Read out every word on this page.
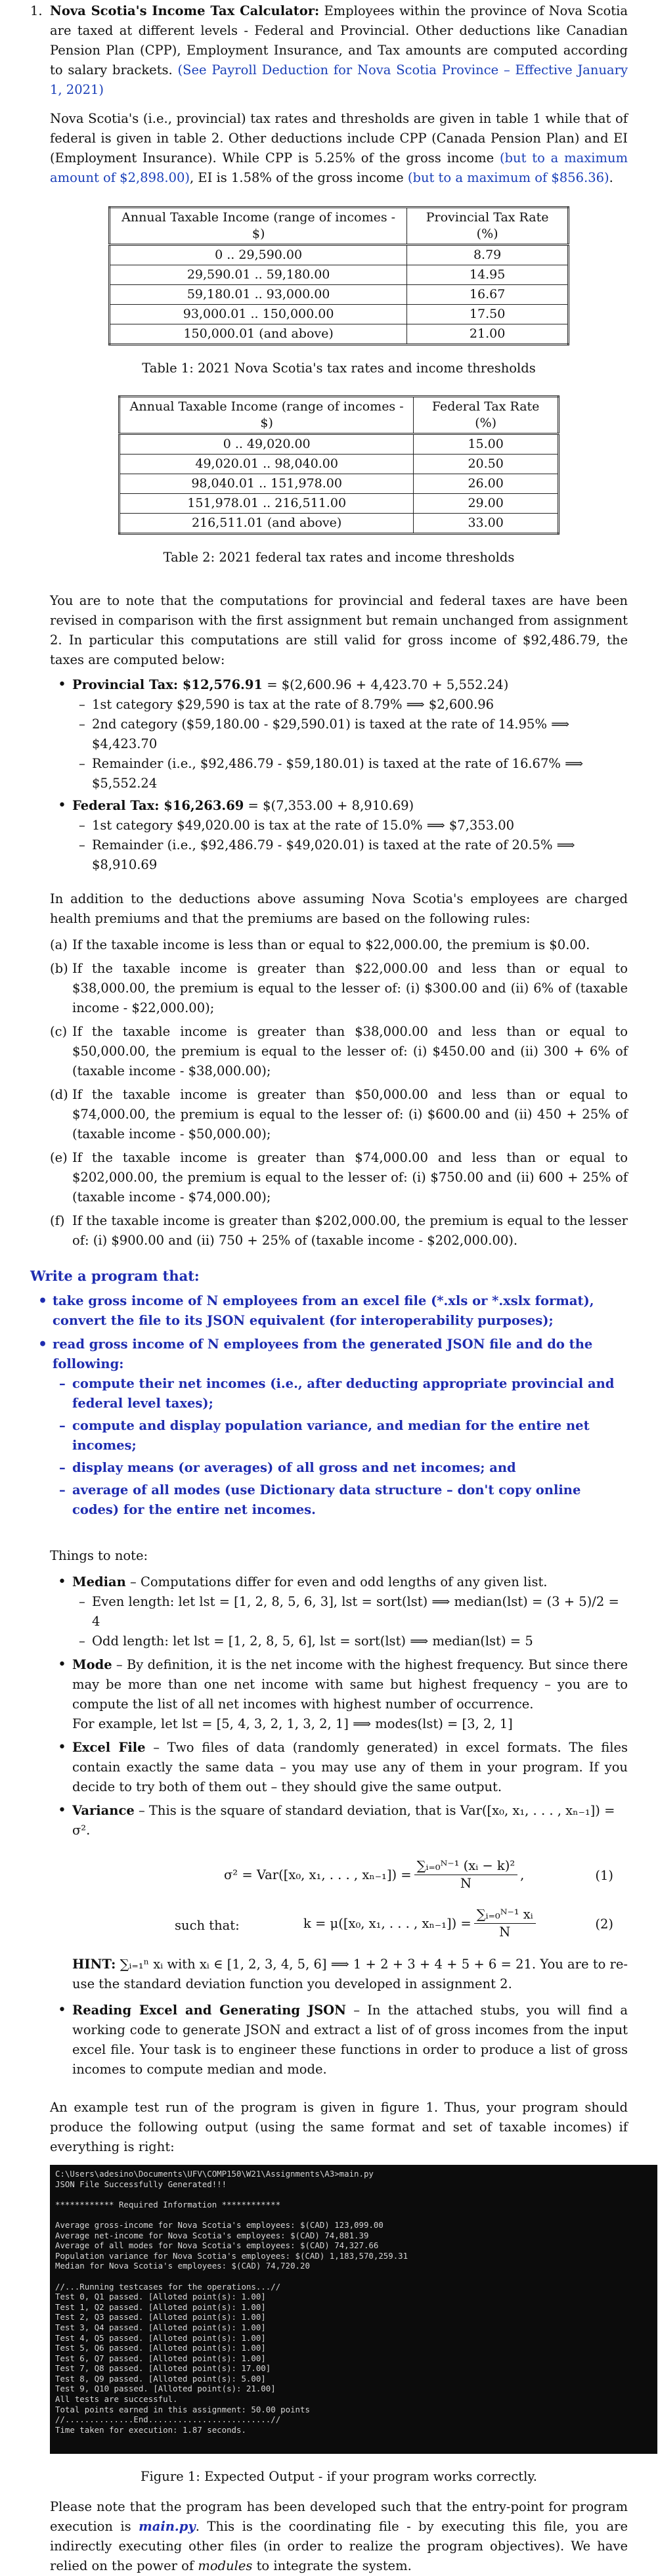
1. Nova Scotia's Income Tax Calculator: Employees within the province of Nova Scotia are taxed at different levels - Federal and Provincial. Other deductions like Canadian Pension Plan (CPP), Employment Insurance, and Tax amounts are computed according to salary brackets. (See Payroll Deduction for Nova Scotia Province – Effective January 1, 2021)

Nova Scotia's (i.e., provincial) tax rates and thresholds are given in table 1 while that of federal is given in table 2. Other deductions include CPP (Canada Pension Plan) and EI (Employment Insurance). While CPP is 5.25% of the gross income (but to a maximum amount of $2,898.00), EI is 1.58% of the gross income (but to a maximum of $856.36).

Annual Taxable Income (range of incomes - $)	Provincial Tax Rate (%)
0 .. 29,590.00	8.79
29,590.01 .. 59,180.00	14.95
59,180.01 .. 93,000.00	16.67
93,000.01 .. 150,000.00	17.50
150,000.01 (and above)	21.00
Table 1: 2021 Nova Scotia's tax rates and income thresholds
Annual Taxable Income (range of incomes - $)	Federal Tax Rate (%)
0 .. 49,020.00	15.00
49,020.01 .. 98,040.00	20.50
98,040.01 .. 151,978.00	26.00
151,978.01 .. 216,511.00	29.00
216,511.01 (and above)	33.00
Table 2: 2021 federal tax rates and income thresholds

You are to note that the computations for provincial and federal taxes are have been revised in comparison with the first assignment but remain unchanged from assignment 2. In particular this computations are still valid for gross income of $92,486.79, the taxes are computed below:

• Provincial Tax: $12,576.91 = $(2,600.96 + 4,423.70 + 5,552.24)
– 1st category $29,590 is tax at the rate of 8.79% ⟹ $2,600.96
– 2nd category ($59,180.00 - $29,590.01) is taxed at the rate of 14.95% ⟹ $4,423.70
– Remainder (i.e., $92,486.79 - $59,180.01) is taxed at the rate of 16.67% ⟹ $5,552.24
• Federal Tax: $16,263.69 = $(7,353.00 + 8,910.69)
– 1st category $49,020.00 is tax at the rate of 15.0% ⟹ $7,353.00
– Remainder (i.e., $92,486.79 - $49,020.01) is taxed at the rate of 20.5% ⟹ $8,910.69

In addition to the deductions above assuming Nova Scotia's employees are charged health premiums and that the premiums are based on the following rules:

(a) If the taxable income is less than or equal to $22,000.00, the premium is $0.00.
(b) If the taxable income is greater than $22,000.00 and less than or equal to $38,000.00, the premium is equal to the lesser of: (i) $300.00 and (ii) 6% of (taxable income - $22,000.00);
(c) If the taxable income is greater than $38,000.00 and less than or equal to $50,000.00, the premium is equal to the lesser of: (i) $450.00 and (ii) 300 + 6% of (taxable income - $38,000.00);
(d) If the taxable income is greater than $50,000.00 and less than or equal to $74,000.00, the premium is equal to the lesser of: (i) $600.00 and (ii) 450 + 25% of (taxable income - $50,000.00);
(e) If the taxable income is greater than $74,000.00 and less than or equal to $202,000.00, the premium is equal to the lesser of: (i) $750.00 and (ii) 600 + 25% of (taxable income - $74,000.00);
(f) If the taxable income is greater than $202,000.00, the premium is equal to the lesser of: (i) $900.00 and (ii) 750 + 25% of (taxable income - $202,000.00).
Write a program that:
• take gross income of N employees from an excel file (*.xls or *.xslx format), convert the file to its JSON equivalent (for interoperability purposes);
• read gross income of N employees from the generated JSON file and do the following:
– compute their net incomes (i.e., after deducting appropriate provincial and federal level taxes);
– compute and display population variance, and median for the entire net incomes;
– display means (or averages) of all gross and net incomes; and
– average of all modes (use Dictionary data structure – don't copy online codes) for the entire net incomes.

Things to note:

• Median – Computations differ for even and odd lengths of any given list.
– Even length: let lst = [1, 2, 8, 5, 6, 3], lst = sort(lst) ⟹ median(lst) = (3 + 5)/2 = 4
– Odd length: let lst = [1, 2, 8, 5, 6], lst = sort(lst) ⟹ median(lst) = 5
• Mode – By definition, it is the net income with the highest frequency. But since there may be more than one net income with same but highest frequency – you are to compute the list of all net incomes with highest number of occurrence.
For example, let lst = [5, 4, 3, 2, 1, 3, 2, 1] ⟹ modes(lst) = [3, 2, 1]
• Excel File – Two files of data (randomly generated) in excel formats. The files contain exactly the same data – you may use any of them in your program. If you decide to try both of them out – they should give the same output.
• Variance – This is the square of standard deviation, that is Var([x₀, x₁, . . . , xₙ₋₁]) = σ².
σ² = Var([x₀, x₁, . . . , $x_{n-1}]) = \frac{\text{∑ᵢ₌₀ᴺ⁻¹ (xᵢ − k)²}}{N}$ ,	(1)
such that:	k = μ([x₀, x₁, . . . , $x_{n-1}]) = \frac{\text{∑ᵢ₌₀ᴺ⁻¹ xᵢ}}{N}$	(2)

HINT: ∑ᵢ₌₁ⁿ xᵢ with xᵢ ∈ [1, 2, 3, 4, 5, 6] ⟹ 1 + 2 + 3 + 4 + 5 + 6 = 21. You are to re-use the standard deviation function you developed in assignment 2.

• Reading Excel and Generating JSON – In the attached stubs, you will find a working code to generate JSON and extract a list of of gross incomes from the input excel file. Your task is to engineer these functions in order to produce a list of gross incomes to compute median and mode.

An example test run of the program is given in figure 1. Thus, your program should produce the following output (using the same format and set of taxable incomes) if everything is right:

C:\Users\adesino\Documents\UFV\COMP150\W21\Assignments\A3>main.py
JSON File Successfully Generated!!!

************ Required Information ************

Average gross-income for Nova Scotia's employees: $(CAD) 123,099.00
Average net-income for Nova Scotia's employees: $(CAD) 74,881.39
Average of all modes for Nova Scotia's employees: $(CAD) 74,327.66
Population variance for Nova Scotia's employees: $(CAD) 1,183,570,259.31
Median for Nova Scotia's employees: $(CAD) 74,720.20

//...Running testcases for the operations...//
Test 0, Q1 passed. [Alloted point(s): 1.00]
Test 1, Q2 passed. [Alloted point(s): 1.00]
Test 2, Q3 passed. [Alloted point(s): 1.00]
Test 3, Q4 passed. [Alloted point(s): 1.00]
Test 4, Q5 passed. [Alloted point(s): 1.00]
Test 5, Q6 passed. [Alloted point(s): 1.00]
Test 6, Q7 passed. [Alloted point(s): 1.00]
Test 7, Q8 passed. [Alloted point(s): 17.00]
Test 8, Q9 passed. [Alloted point(s): 5.00]
Test 9, Q10 passed. [Alloted point(s): 21.00]
All tests are successful.
Total points earned in this assignment: 50.00 points
//..............End.........................//
Time taken for execution: 1.87 seconds.
Figure 1: Expected Output - if your program works correctly.

Please note that the program has been developed such that the entry-point for program execution is main.py. This is the coordinating file - by executing this file, you are indirectly executing other files (in order to realize the program objectives). We have relied on the power of modules to integrate the system.
